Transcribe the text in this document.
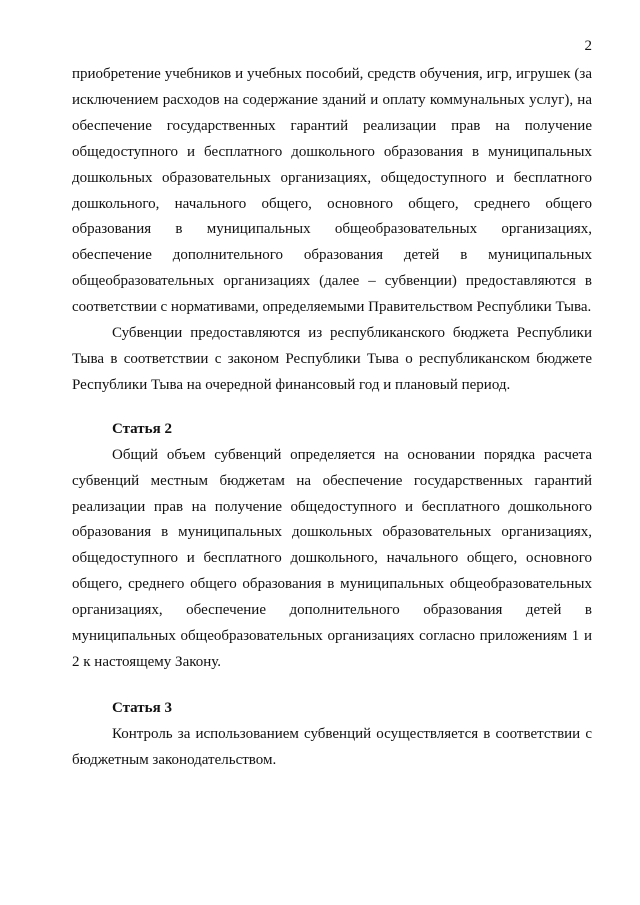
2

приобретение учебников и учебных пособий, средств обучения, игр, игрушек (за исключением расходов на содержание зданий и оплату коммунальных услуг), на обеспечение государственных гарантий реализации прав на получение общедоступного и бесплатного дошкольного образования в муниципальных дошкольных образовательных организациях, общедоступного и бесплатного дошкольного, начального общего, основного общего, среднего общего образования в муниципальных общеобразовательных организациях, обеспечение дополнительного образования детей в муниципальных общеобразовательных организациях (далее – субвенции) предоставляются в соответствии с нормативами, определяемыми Правительством Республики Тыва.

Субвенции предоставляются из республиканского бюджета Республики Тыва в соответствии с законом Республики Тыва о республиканском бюджете Республики Тыва на очередной финансовый год и плановый период.

Статья 2

Общий объем субвенций определяется на основании порядка расчета субвенций местным бюджетам на обеспечение государственных гарантий реализации прав на получение общедоступного и бесплатного дошкольного образования в муниципальных дошкольных образовательных организациях, общедоступного и бесплатного дошкольного, начального общего, основного общего, среднего общего образования в муниципальных общеобразовательных организациях, обеспечение дополнительного образования детей в муниципальных общеобразовательных организациях согласно приложениям 1 и 2 к настоящему Закону.

Статья 3

Контроль за использованием субвенций осуществляется в соответствии с бюджетным законодательством.
